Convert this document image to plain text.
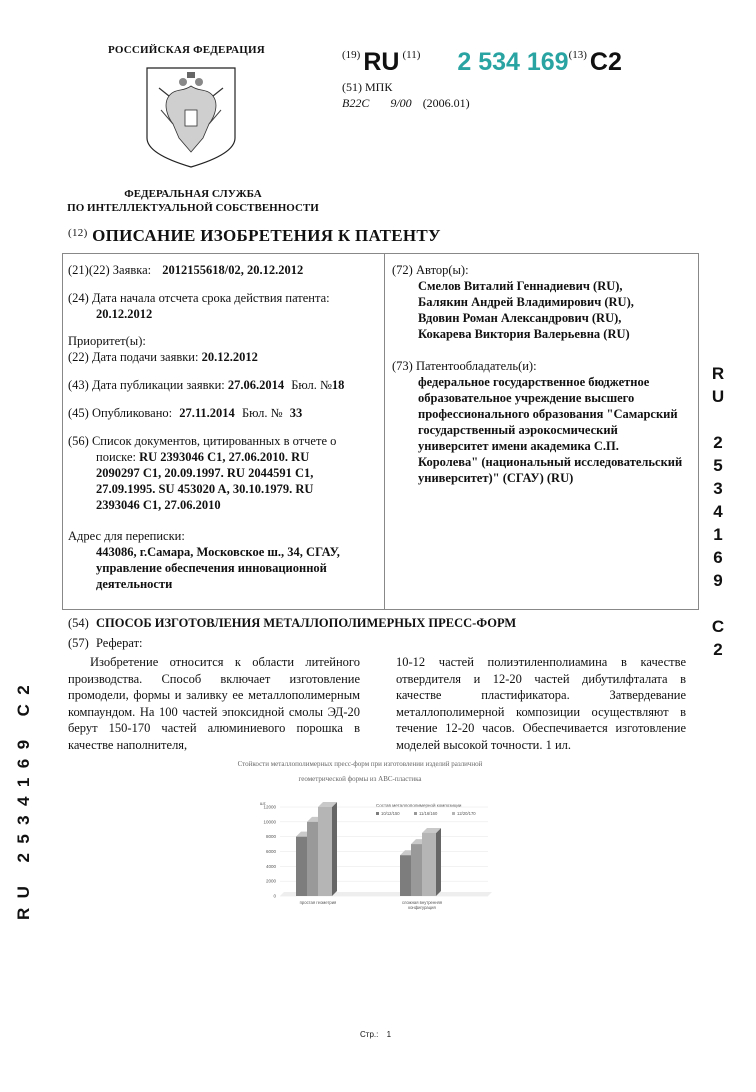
РОССИЙСКАЯ ФЕДЕРАЦИЯ
ФЕДЕРАЛЬНАЯ СЛУЖБА
ПО ИНТЕЛЛЕКТУАЛЬНОЙ СОБСТВЕННОСТИ
$^{(19)}$ RU $^{(11)}$ 2 534 169$^{(13)}$ C2
(51) МПК
B22C 9/00 (2006.01)
$^{(12)}$ ОПИСАНИЕ ИЗОБРЕТЕНИЯ К ПАТЕНТУ
(21)(22) Заявка: 2012155618/02, 20.12.2012
(24) Дата начала отсчета срока действия патента:
20.12.2012
Приоритет(ы):
(22) Дата подачи заявки: 20.12.2012
(43) Дата публикации заявки: 27.06.2014 Бюл. №18
(45) Опубликовано: 27.11.2014 Бюл. № 33
(56) Список документов, цитированных в отчете о
поиске: RU 2393046 C1, 27.06.2010. RU
2090297 C1, 20.09.1997. RU 2044591 C1,
27.09.1995. SU 453020 A, 30.10.1979. RU
2393046 C1, 27.06.2010
Адрес для переписки:
443086, г.Самара, Московское ш., 34, СГАУ,
управление обеспечения инновационной
деятельности
(72) Автор(ы):
Смелов Виталий Геннадиевич (RU),
Балякин Андрей Владимирович (RU),
Вдовин Роман Александрович (RU),
Кокарева Виктория Валерьевна (RU)
(73) Патентообладатель(и):
федеральное государственное бюджетное
образовательное учреждение высшего
профессионального образования "Самарский
государственный аэрокосмический
университет имени академика С.П.
Королева" (национальный исследовательский
университет)" (СГАУ) (RU)
(54) СПОСОБ ИЗГОТОВЛЕНИЯ МЕТАЛЛОПОЛИМЕРНЫХ ПРЕСС-ФОРМ
(57) Реферат:
Изобретение относится к области литейного производства. Способ включает изготовление промодели, формы и заливку ее металлополимерным компаундом. На 100 частей эпоксидной смолы ЭД-20 берут 150-170 частей алюминиевого порошка в качестве наполнителя,
10-12 частей полиэтиленполиамина в качестве отвердителя и 12-20 частей дибутилфталата в качестве пластификатора. Затвердевание металлополимерной композиции осуществляют в течение 12-20 часов. Обеспечивается изготовление моделей высокой точности. 1 ил.
Стойкости металлополимерных пресс-форм при изготовлении изделий различной
геометрической формы из АВС-пластика
шт.	Состав металлополимерной композиции
10/12/150	11/16/160	12/20/170
0
2000
4000
6000
8000
10000
12000
простая геометрия	сложная внутренняя
конфигурация
R
U
2
5
3
4
1
6
9
C
2
RU 2534169 C2
Стр.: 1
